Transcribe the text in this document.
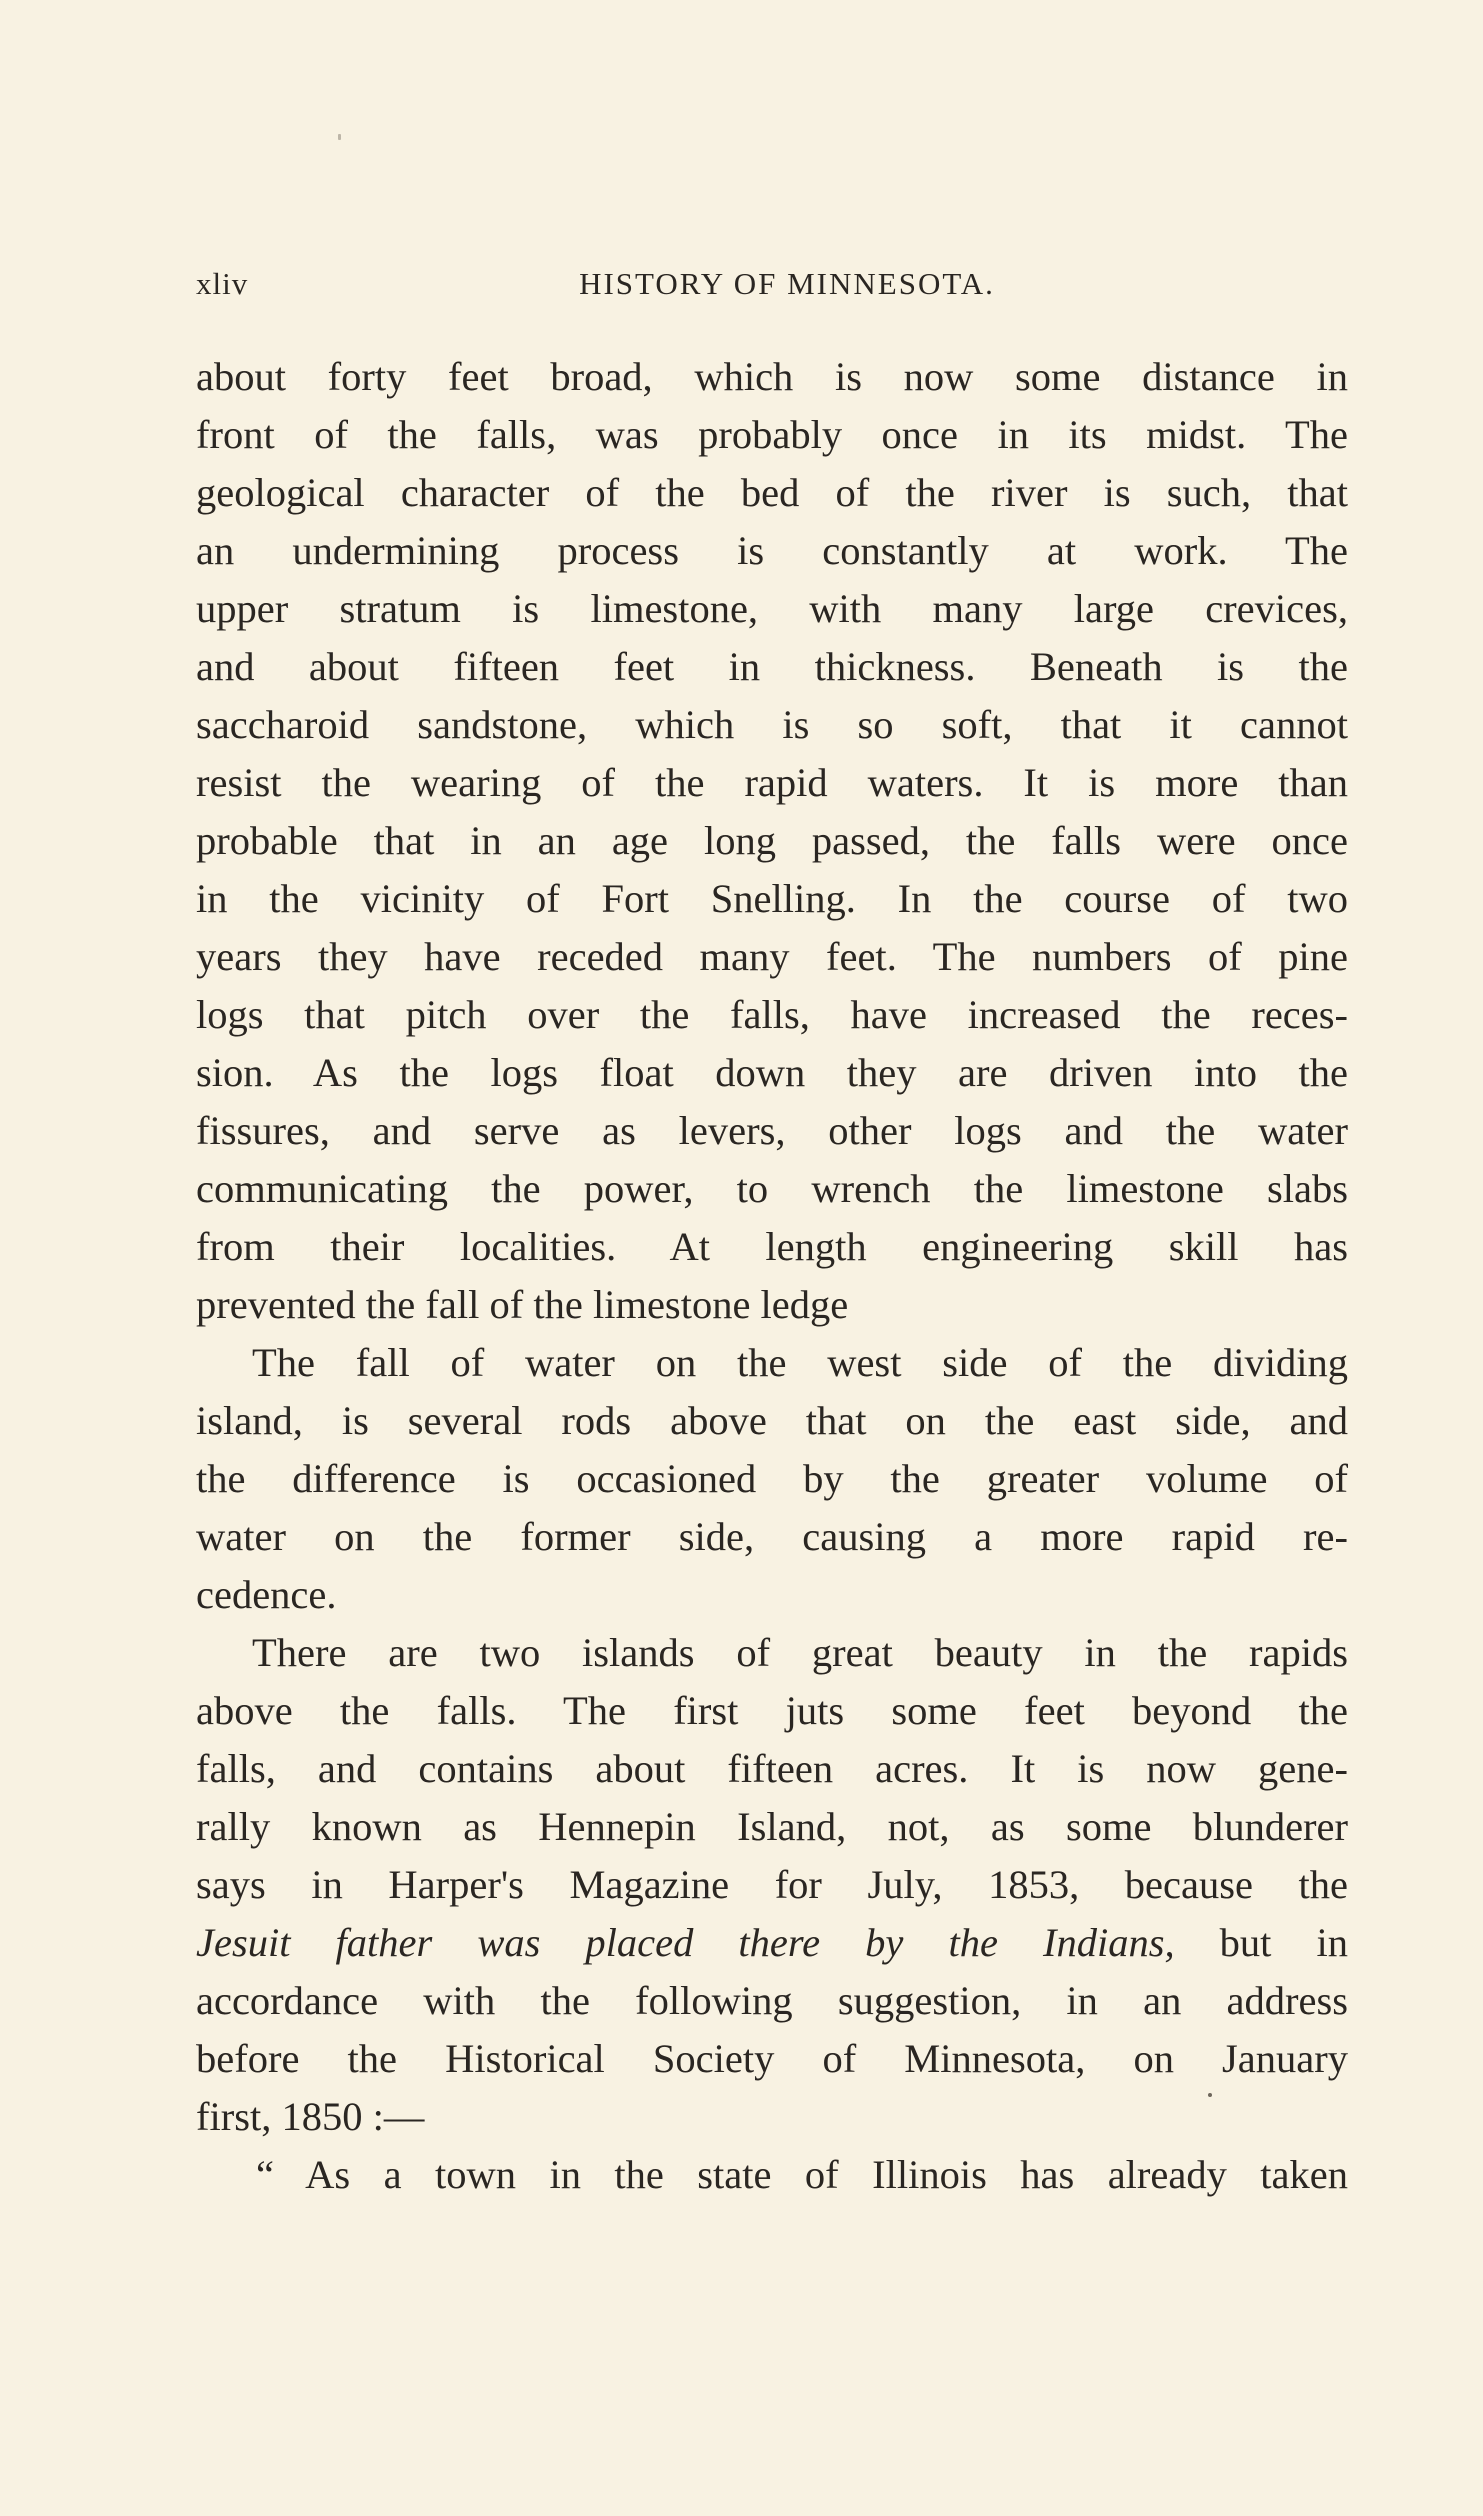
xliv	HISTORY OF MINNESOTA.
about forty feet broad, which is now some distance in
front of the falls, was probably once in its midst. The
geological character of the bed of the river is such, that
an undermining process is constantly at work. The
upper stratum is limestone, with many large crevices,
and about fifteen feet in thickness. Beneath is the
saccharoid sandstone, which is so soft, that it cannot
resist the wearing of the rapid waters. It is more than
probable that in an age long passed, the falls were once
in the vicinity of Fort Snelling. In the course of two
years they have receded many feet. The numbers of pine
logs that pitch over the falls, have increased the reces-
sion. As the logs float down they are driven into the
fissures, and serve as levers, other logs and the water
communicating the power, to wrench the limestone slabs
from their localities. At length engineering skill has
prevented the fall of the limestone ledge
The fall of water on the west side of the dividing
island, is several rods above that on the east side, and
the difference is occasioned by the greater volume of
water on the former side, causing a more rapid re-
cedence.
There are two islands of great beauty in the rapids
above the falls. The first juts some feet beyond the
falls, and contains about fifteen acres. It is now gene-
rally known as Hennepin Island, not, as some blunderer
says in Harper's Magazine for July, 1853, because the
Jesuit father was placed there by the Indians, but in
accordance with the following suggestion, in an address
before the Historical Society of Minnesota, on January
first, 1850 :—
“ As a town in the state of Illinois has already taken
